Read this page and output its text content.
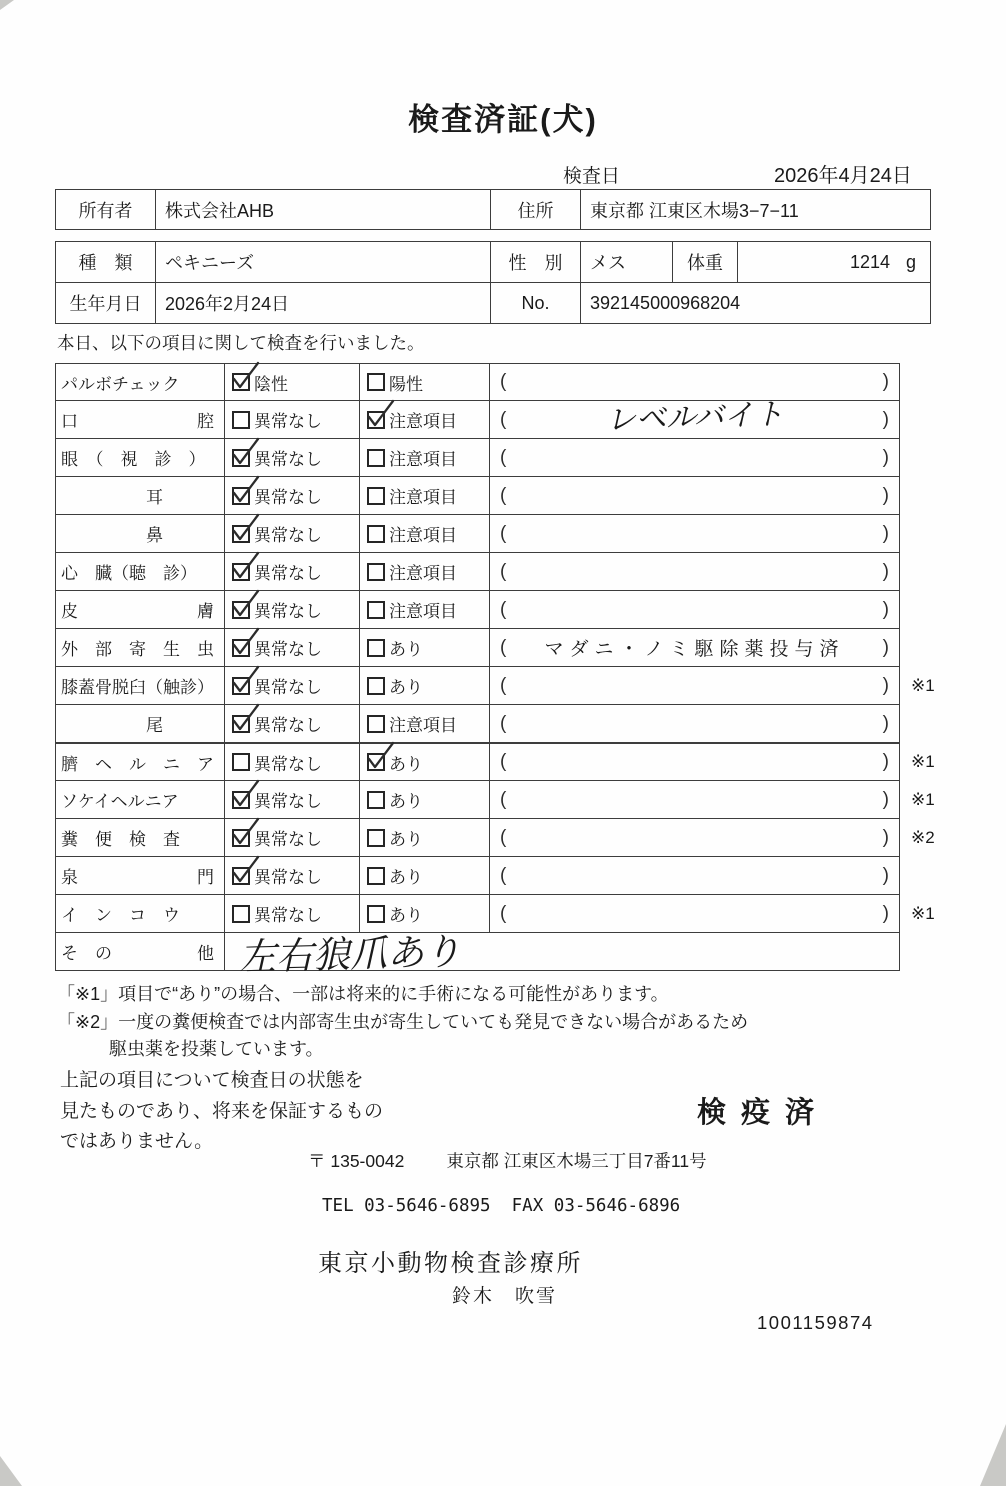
検査済証(犬)
検査日	2026年4月24日
所有者	株式会社AHB	住所	東京都 江東区木場3−7−11
種　類	ペキニーズ	性　別	メス	体重	1214 g
生年月日	2026年2月24日	No.	392145000968204
本日、以下の項目に関して検査を行いました。
パルボチェック	陰性	陽性	(	)
口　　　　　　　腔	異常なし	注意項目 (	レベルバイト	)
眼　（　視　診　）	異常なし	注意項目 (	)
　　　　　耳	異常なし	注意項目 (	)
　　　　　鼻	異常なし	注意項目 (	)
心　臓（聴　診）	異常なし	注意項目 (	)
皮　　　　　　　膚	異常なし	注意項目 (	)
外　部　寄　生　虫	異常なし	あり	(	マダニ・ノミ駆除薬投与済	)
膝蓋骨脱臼（触診）	異常なし	あり	(	)	※1
　　　　　尾	異常なし	注意項目 (	)
臍　ヘ　ル　ニ　ア	異常なし	あり	(	)	※1
ソケイヘルニア	異常なし	あり	(	)	※1
糞　便　検　査	異常なし	あり	(	)	※2
泉　　　　　　　門	異常なし	あり	(	)
イ　ン　コ　ウ	異常なし	あり	(	)	※1
そ　の　　　　　他 左右狼爪あり
「※1」項目で“あり”の場合、一部は将来的に手術になる可能性があります。
「※2」一度の糞便検査では内部寄生虫が寄生していても発見できない場合があるため
駆虫薬を投薬しています。
上記の項目について検査日の状態を
見たものであり、将来を保証するもの
ではありません。
検疫済
〒 135-0042 東京都 江東区木場三丁目7番11号
TEL 03-5646-6895  FAX 03-5646-6896
東京小動物検査診療所
鈴木　吹雪
1001159874
